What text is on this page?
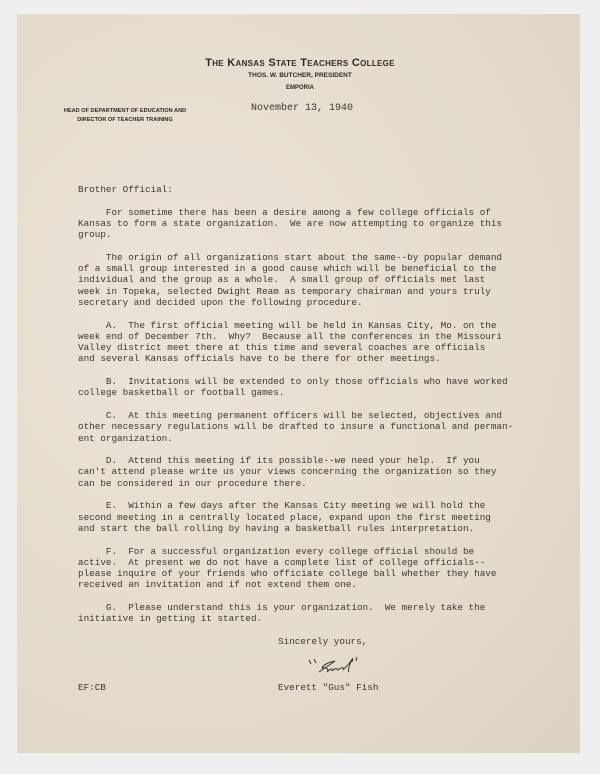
The Kansas State Teachers College
THOS. W. BUTCHER, PRESIDENT
EMPORIA
HEAD OF DEPARTMENT OF EDUCATION AND
DIRECTOR OF TEACHER TRAINING
November 13, 1940
Brother Official:
For sometime there has been a desire among a few college officials of
Kansas to form a state organization.  We are now attempting to organize this
group.
The origin of all organizations start about the same--by popular demand
of a small group interested in a good cause which will be beneficial to the
individual and the group as a whole.  A small group of officials met last
week in Topeka, selected Dwight Ream as temporary chairman and yours truly
secretary and decided upon the following procedure.
A.  The first official meeting will be held in Kansas City, Mo. on the
week end of December 7th.  Why?  Because all the conferences in the Missouri
Valley district meet there at this time and several coaches are officials
and several Kansas officials have to be there for other meetings.
B.  Invitations will be extended to only those officials who have worked
college basketball or football games.
C.  At this meeting permanent officers will be selected, objectives and
other necessary regulations will be drafted to insure a functional and perman-
ent organization.
D.  Attend this meeting if its possible--we need your help.  If you
can't attend please write us your views concerning the organization so they
can be considered in our procedure there.
E.  Within a few days after the Kansas City meeting we will hold the
second meeting in a centrally located place, expand upon the first meeting
and start the ball rolling by having a basketball rules interpretation.
F.  For a successful organization every college official should be
active.  At present we do not have a complete list of college officials--
please inquire of your friends who officiate college ball whether they have
received an invitation and if not extend them one.
G.  Please understand this is your organization.  We merely take the
initiative in getting it started.
Sincerely yours,
EF:CB	Everett "Gus" Fish
